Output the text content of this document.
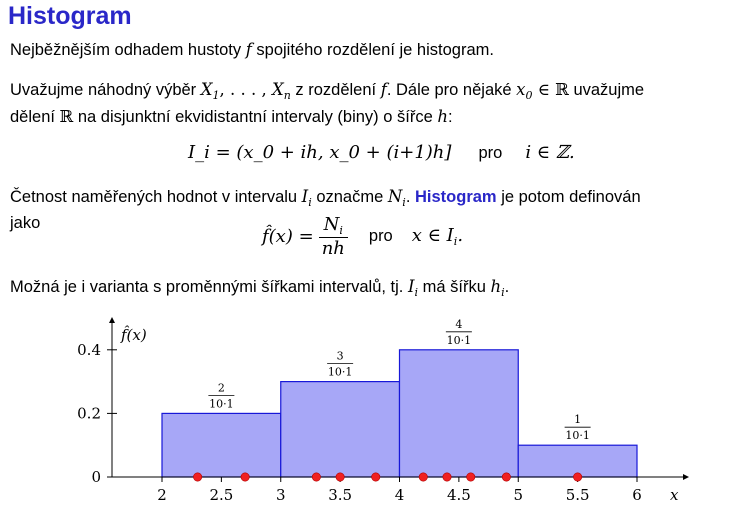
Histogram
Nejběžnějším odhadem hustoty f spojitého rozdělení je histogram.
Uvažujme náhodný výběr $X_1$, . . . , $X_n$ z rozdělení f. Dále pro nějaké $x_0$ ∈ ℝ uvažujme
dělení ℝ na disjunktní ekvidistantní intervaly (biny) o šířce h:
I_i = (x_0 + ih, x_0 + (i+1)h] pro i ∈ ℤ.
Četnost naměřených hodnot v intervalu $I_i$ označme $N_i$. Histogram je potom definován
jako
f̂(x) = $\frac{N_i}{nh}$ pro x ∈ $I_i$.
Možná je i varianta s proměnnými šířkami intervalů, tj. $I_i$ má šířku $h_i$.
2
10·1
3
10·1
4
10·1
1
10·1
2	2.5	3	3.5	4	4.5	5	5.5	6
0
0.2
0.4
f̂(x)
x
